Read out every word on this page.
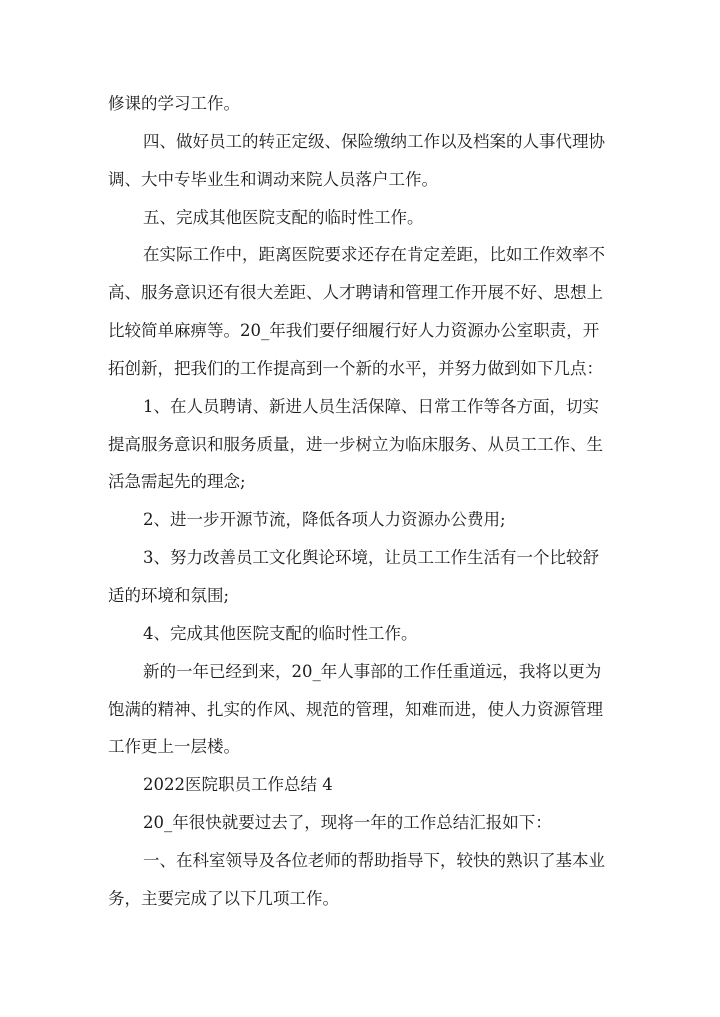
修课的学习工作。
四、做好员工的转正定级、保险缴纳工作以及档案的人事代理协
调、大中专毕业生和调动来院人员落户工作。
五、完成其他医院支配的临时性工作。
在实际工作中，距离医院要求还存在肯定差距，比如工作效率不
高、服务意识还有很大差距、人才聘请和管理工作开展不好、思想上
比较简单麻痹等。20_年我们要仔细履行好人力资源办公室职责，开
拓创新，把我们的工作提高到一个新的水平，并努力做到如下几点：
1、在人员聘请、新进人员生活保障、日常工作等各方面，切实
提高服务意识和服务质量，进一步树立为临床服务、从员工工作、生
活急需起先的理念;
2、进一步开源节流，降低各项人力资源办公费用;
3、努力改善员工文化舆论环境，让员工工作生活有一个比较舒
适的环境和氛围;
4、完成其他医院支配的临时性工作。
新的一年已经到来，20_年人事部的工作任重道远，我将以更为
饱满的精神、扎实的作风、规范的管理，知难而进，使人力资源管理
工作更上一层楼。
2022医院职员工作总结 4
20_年很快就要过去了，现将一年的工作总结汇报如下：
一、在科室领导及各位老师的帮助指导下，较快的熟识了基本业
务，主要完成了以下几项工作。
